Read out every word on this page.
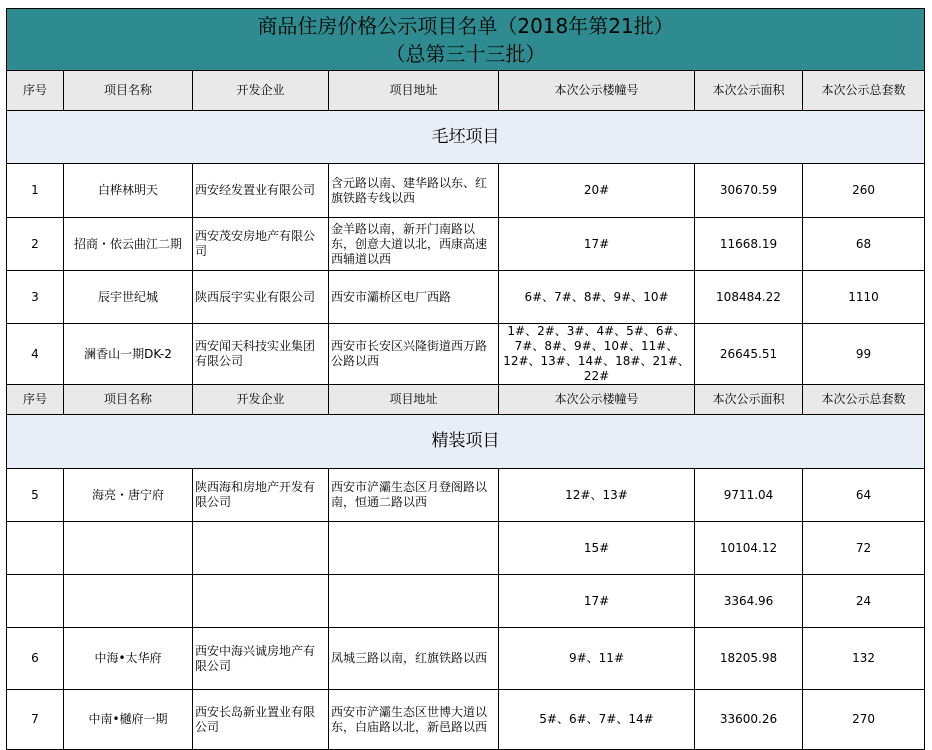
商品住房价格公示项目名单（2018年第21批）
（总第三十三批）						

序号	项目名称	开发企业	项目地址	本次公示楼幢号	本次公示面积	本次公示总套数
毛坯项目						
1	白桦林明天	西安经发置业有限公司	含元路以南、建华路以东、红旗铁路专线以西	20#	30670.59	260
2	招商・依云曲江二期	西安茂安房地产有限公司	金羊路以南，新开门南路以东，创意大道以北，西康高速西辅道以西	17#	11668.19	68
3	辰宇世纪城	陕西辰宇实业有限公司	西安市灞桥区电厂西路	6#、7#、8#、9#、10#	108484.22	1110
4	澜香山一期DK-2	西安闻天科技实业集团有限公司	西安市长安区兴隆街道西万路公路以西	1#、2#、3#、4#、5#、6#、7#、8#、9#、10#、11#、12#、13#、14#、18#、21#、22#	26645.51	99
序号	项目名称	开发企业	项目地址	本次公示楼幢号	本次公示面积	本次公示总套数
精装项目						
5	海亮・唐宁府	陕西海和房地产开发有限公司	西安市浐灞生态区月登阁路以南，恒通二路以西	12#、13#	9711.04	64
				15#	10104.12	72
				17#	3364.96	24
6	中海•太华府	西安中海兴诚房地产有限公司	凤城三路以南，红旗铁路以西	9#、11#	18205.98	132
7	中南•樾府一期	西安长岛新业置业有限公司	西安市浐灞生态区世博大道以东，白庙路以北，新邑路以西	5#、6#、7#、14#	33600.26	270
